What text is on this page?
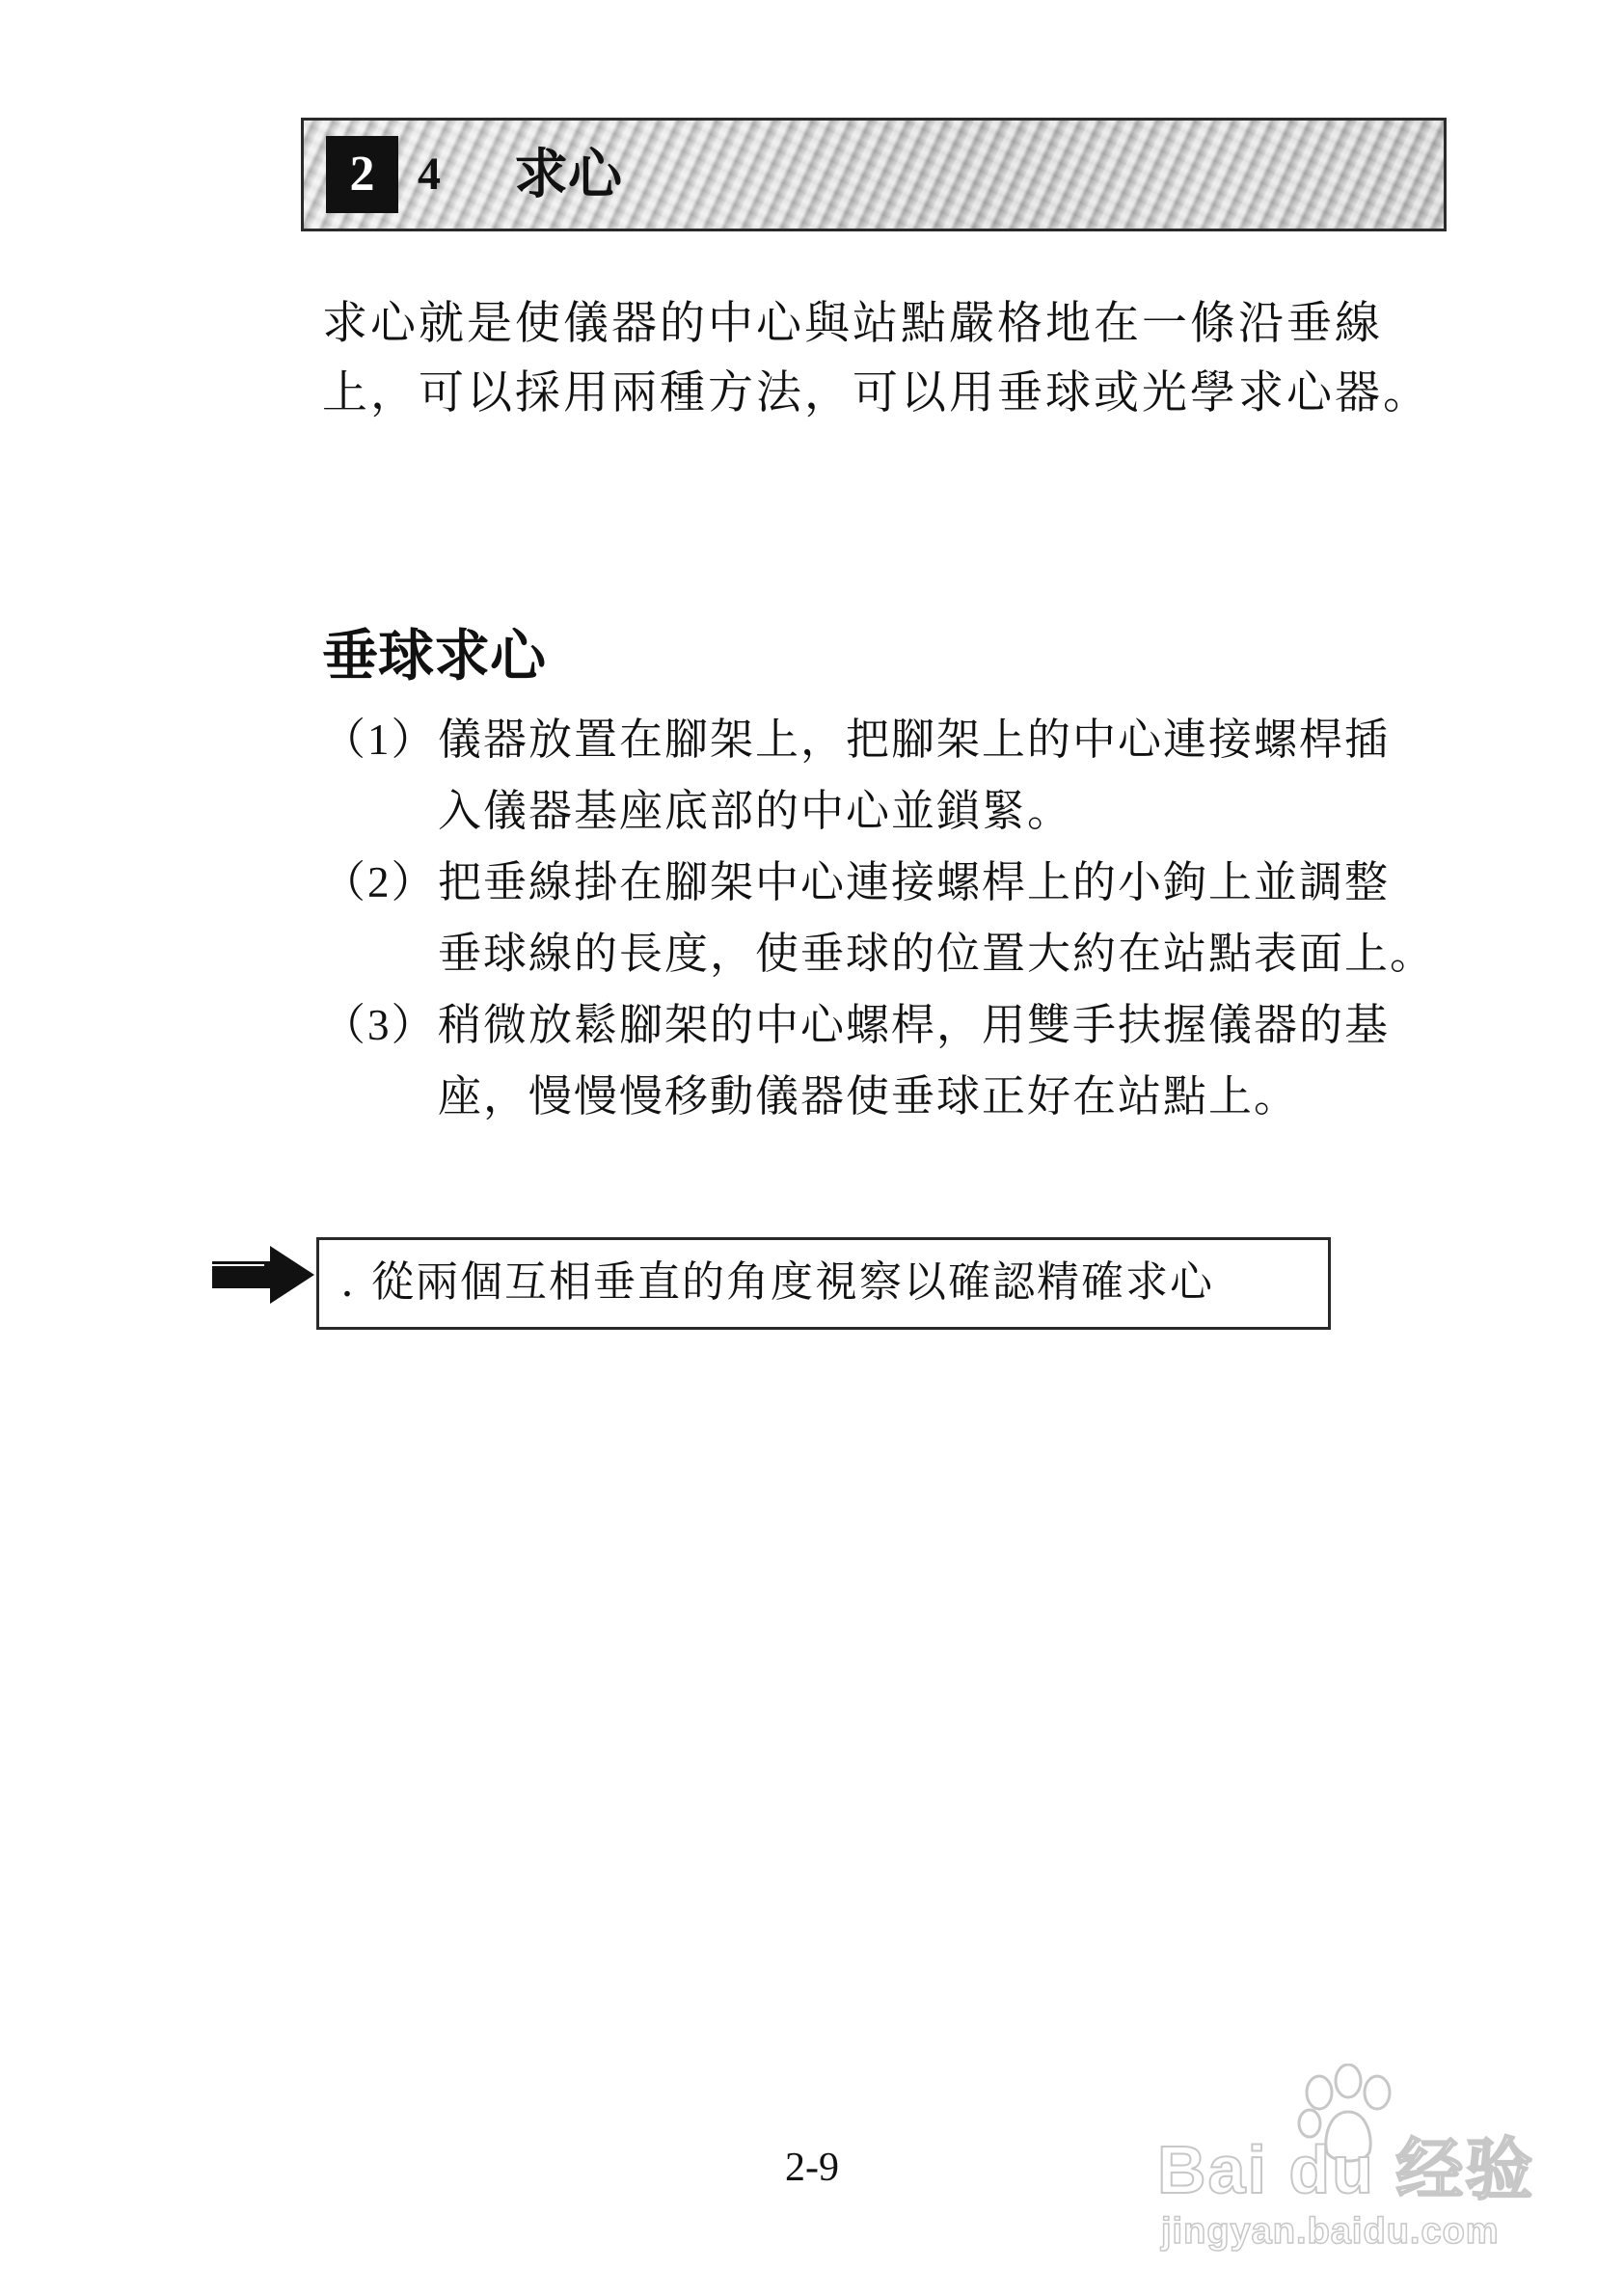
2 4 求心

求心就是使儀器的中心與站點嚴格地在一條沿垂線
上，可以採用兩種方法，可以用垂球或光學求心器。

垂球求心
（1） 儀器放置在腳架上，把腳架上的中心連接螺桿插
入儀器基座底部的中心並鎖緊。
（2） 把垂線掛在腳架中心連接螺桿上的小鉤上並調整
垂球線的長度，使垂球的位置大約在站點表面上。
（3） 稍微放鬆腳架的中心螺桿，用雙手扶握儀器的基
座，慢慢慢移動儀器使垂球正好在站點上。
. 從兩個互相垂直的角度視察以確認精確求心
2-9	Bai du 经验
jingyan.baidu.com
